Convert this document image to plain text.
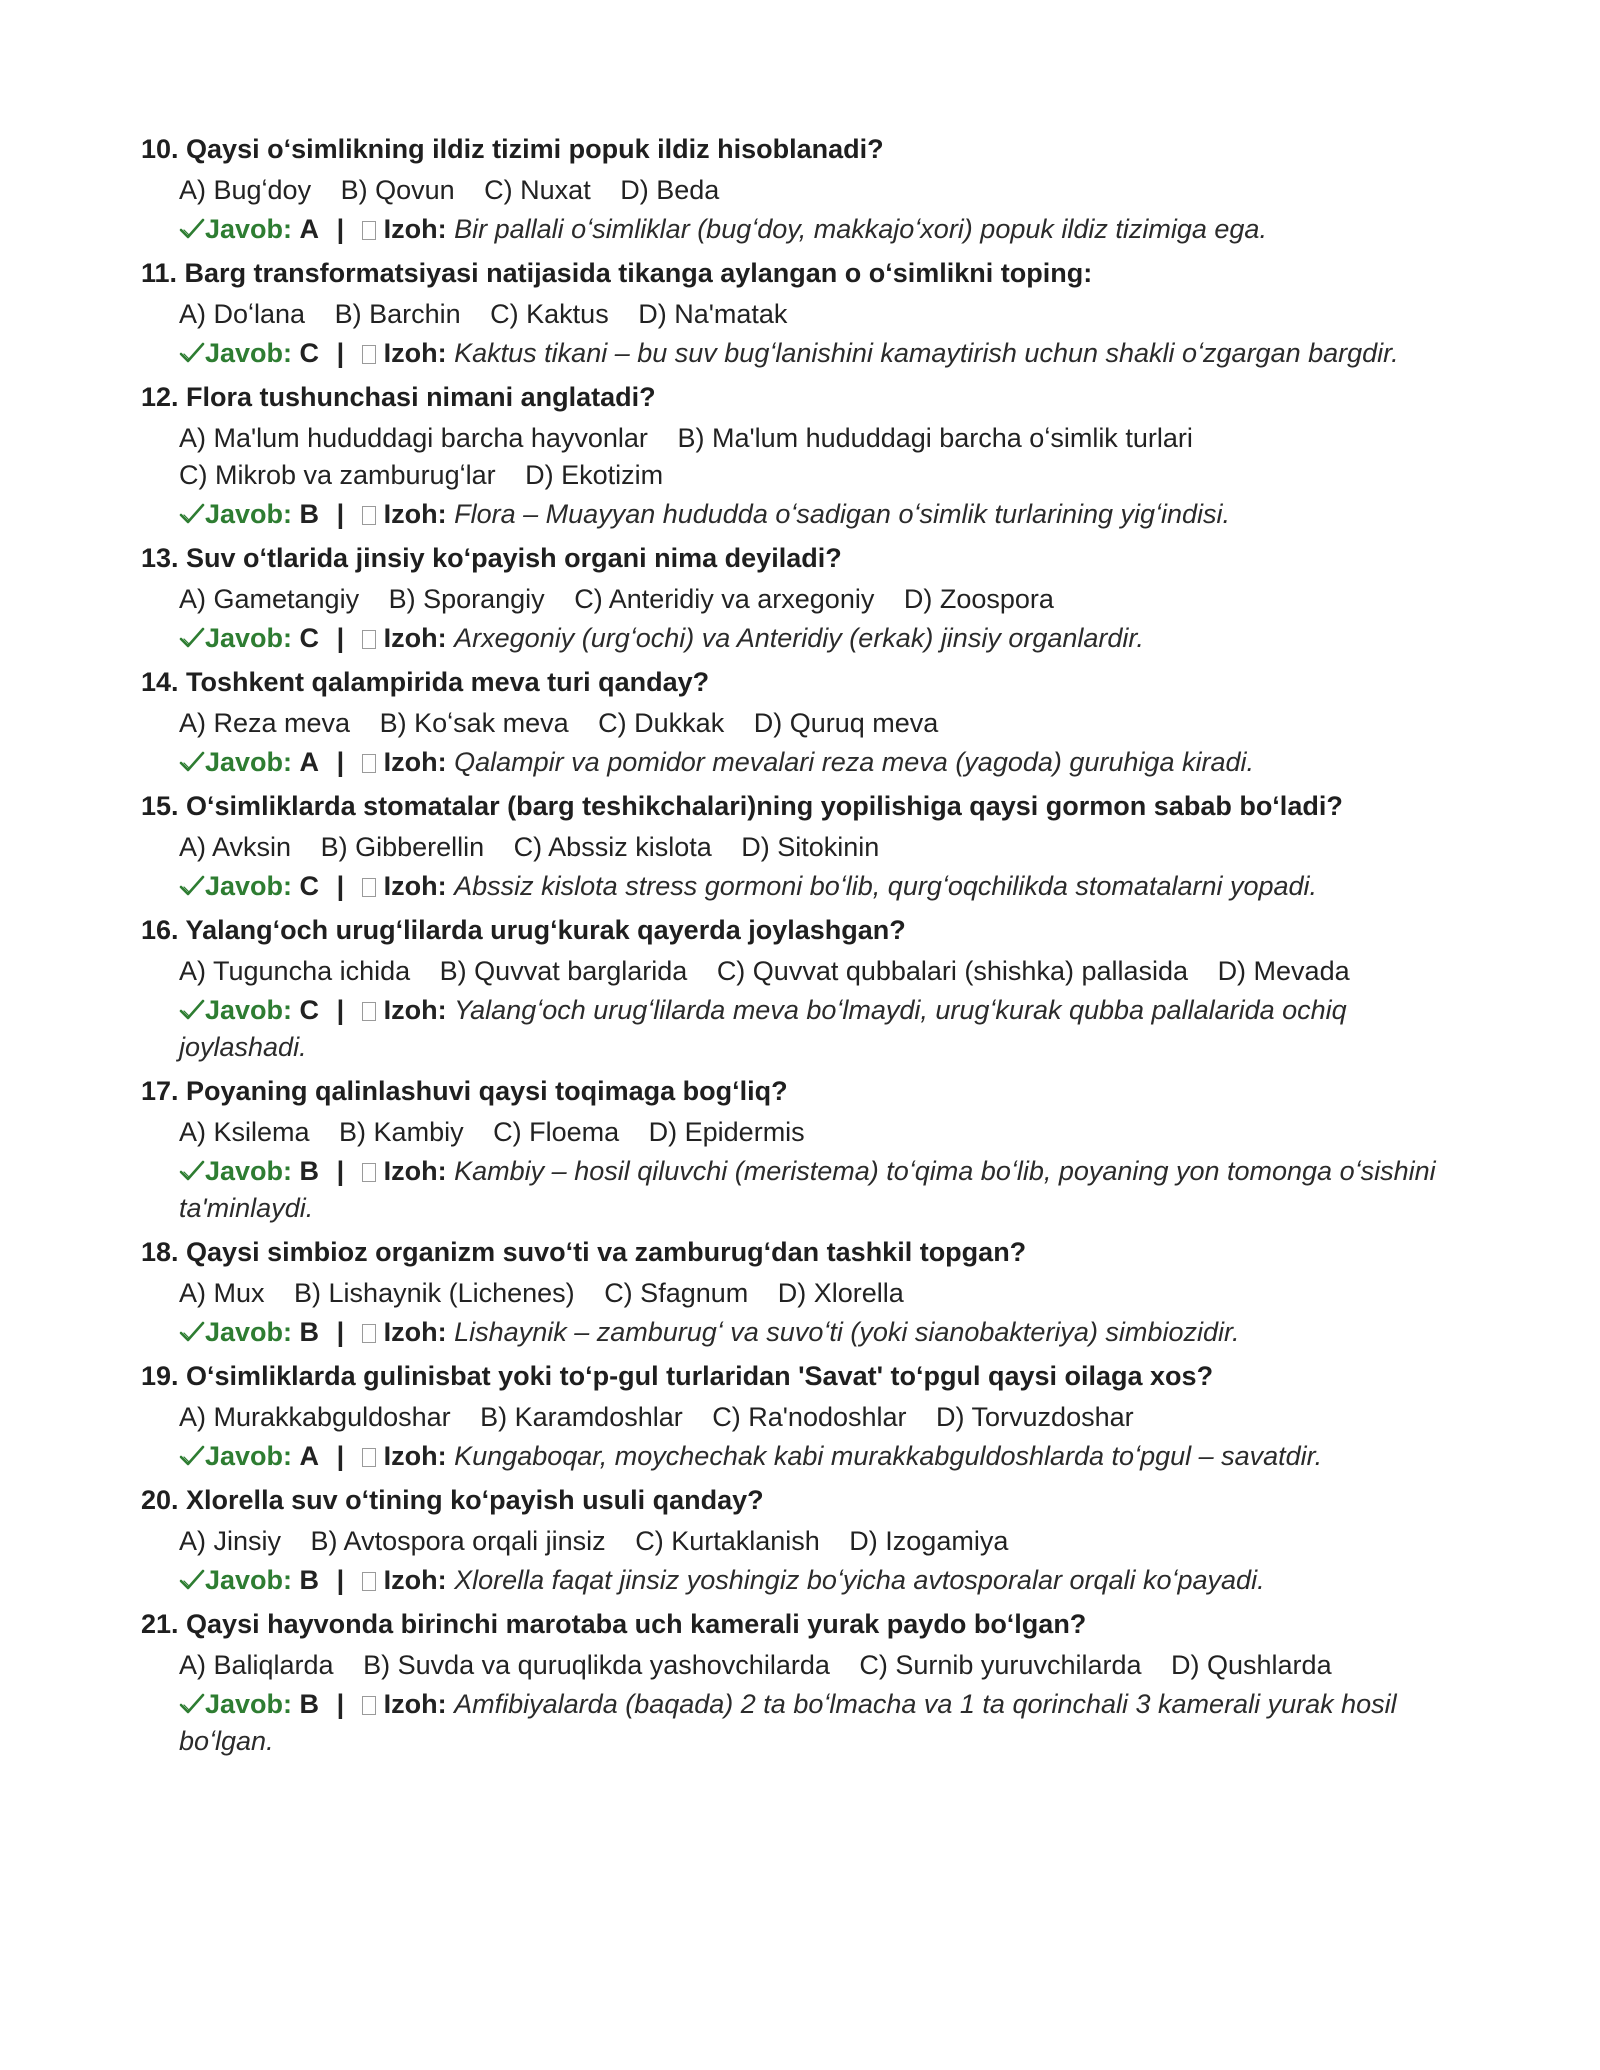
10. Qaysi oʻsimlikning ildiz tizimi popuk ildiz hisoblanadi?
A) Bugʻdoy B) Qovun C) Nuxat D) Beda
Javob: A | Izoh: Bir pallali oʻsimliklar (bugʻdoy, makkajoʻxori) popuk ildiz tizimiga ega.
11. Barg transformatsiyasi natijasida tikanga aylangan o oʻsimlikni toping:
A) Doʻlana B) Barchin C) Kaktus D) Na'matak
Javob: C | Izoh: Kaktus tikani – bu suv bugʻlanishini kamaytirish uchun shakli oʻzgargan bargdir.
12. Flora tushunchasi nimani anglatadi?
A) Ma'lum hududdagi barcha hayvonlar B) Ma'lum hududdagi barcha oʻsimlik turlari C) Mikrob va zamburugʻlar D) Ekotizim
Javob: B | Izoh: Flora – Muayyan hududda oʻsadigan oʻsimlik turlarining yigʻindisi.
13. Suv oʻtlarida jinsiy koʻpayish organi nima deyiladi?
A) Gametangiy B) Sporangiy C) Anteridiy va arxegoniy D) Zoospora
Javob: C | Izoh: Arxegoniy (urgʻochi) va Anteridiy (erkak) jinsiy organlardir.
14. Toshkent qalampirida meva turi qanday?
A) Reza meva B) Koʻsak meva C) Dukkak D) Quruq meva
Javob: A | Izoh: Qalampir va pomidor mevalari reza meva (yagoda) guruhiga kiradi.
15. Oʻsimliklarda stomatalar (barg teshikchalari)ning yopilishiga qaysi gormon sabab boʻladi?
A) Avksin B) Gibberellin C) Abssiz kislota D) Sitokinin
Javob: C | Izoh: Abssiz kislota stress gormoni boʻlib, qurgʻoqchilikda stomatalarni yopadi.
16. Yalangʻoch urugʻlilarda urugʻkurak qayerda joylashgan?
A) Tuguncha ichida B) Quvvat barglarida C) Quvvat qubbalari (shishka) pallasida D) Mevada
Javob: C | Izoh: Yalangʻoch urugʻlilarda meva boʻlmaydi, urugʻkurak qubba pallalarida ochiq joylashadi.
17. Poyaning qalinlashuvi qaysi toqimaga bogʻliq?
A) Ksilema B) Kambiy C) Floema D) Epidermis
Javob: B | Izoh: Kambiy – hosil qiluvchi (meristema) toʻqima boʻlib, poyaning yon tomonga oʻsishini ta'minlaydi.
18. Qaysi simbioz organizm suvoʻti va zamburugʻdan tashkil topgan?
A) Mux B) Lishaynik (Lichenes) C) Sfagnum D) Xlorella
Javob: B | Izoh: Lishaynik – zamburugʻ va suvoʻti (yoki sianobakteriya) simbiozidir.
19. Oʻsimliklarda gulinisbat yoki toʻp-gul turlaridan 'Savat' toʻpgul qaysi oilaga xos?
A) Murakkabguldoshar B) Karamdoshlar C) Ra'nodoshlar D) Torvuzdoshar
Javob: A | Izoh: Kungaboqar, moychechak kabi murakkabguldoshlarda toʻpgul – savatdir.
20. Xlorella suv oʻtining koʻpayish usuli qanday?
A) Jinsiy B) Avtospora orqali jinsiz C) Kurtaklanish D) Izogamiya
Javob: B | Izoh: Xlorella faqat jinsiz yoshingiz boʻyicha avtosporalar orqali koʻpayadi.
21. Qaysi hayvonda birinchi marotaba uch kamerali yurak paydo boʻlgan?
A) Baliqlarda B) Suvda va quruqlikda yashovchilarda C) Surnib yuruvchilarda D) Qushlarda
Javob: B | Izoh: Amfibiyalarda (baqada) 2 ta boʻlmacha va 1 ta qorinchali 3 kamerali yurak hosil boʻlgan.
